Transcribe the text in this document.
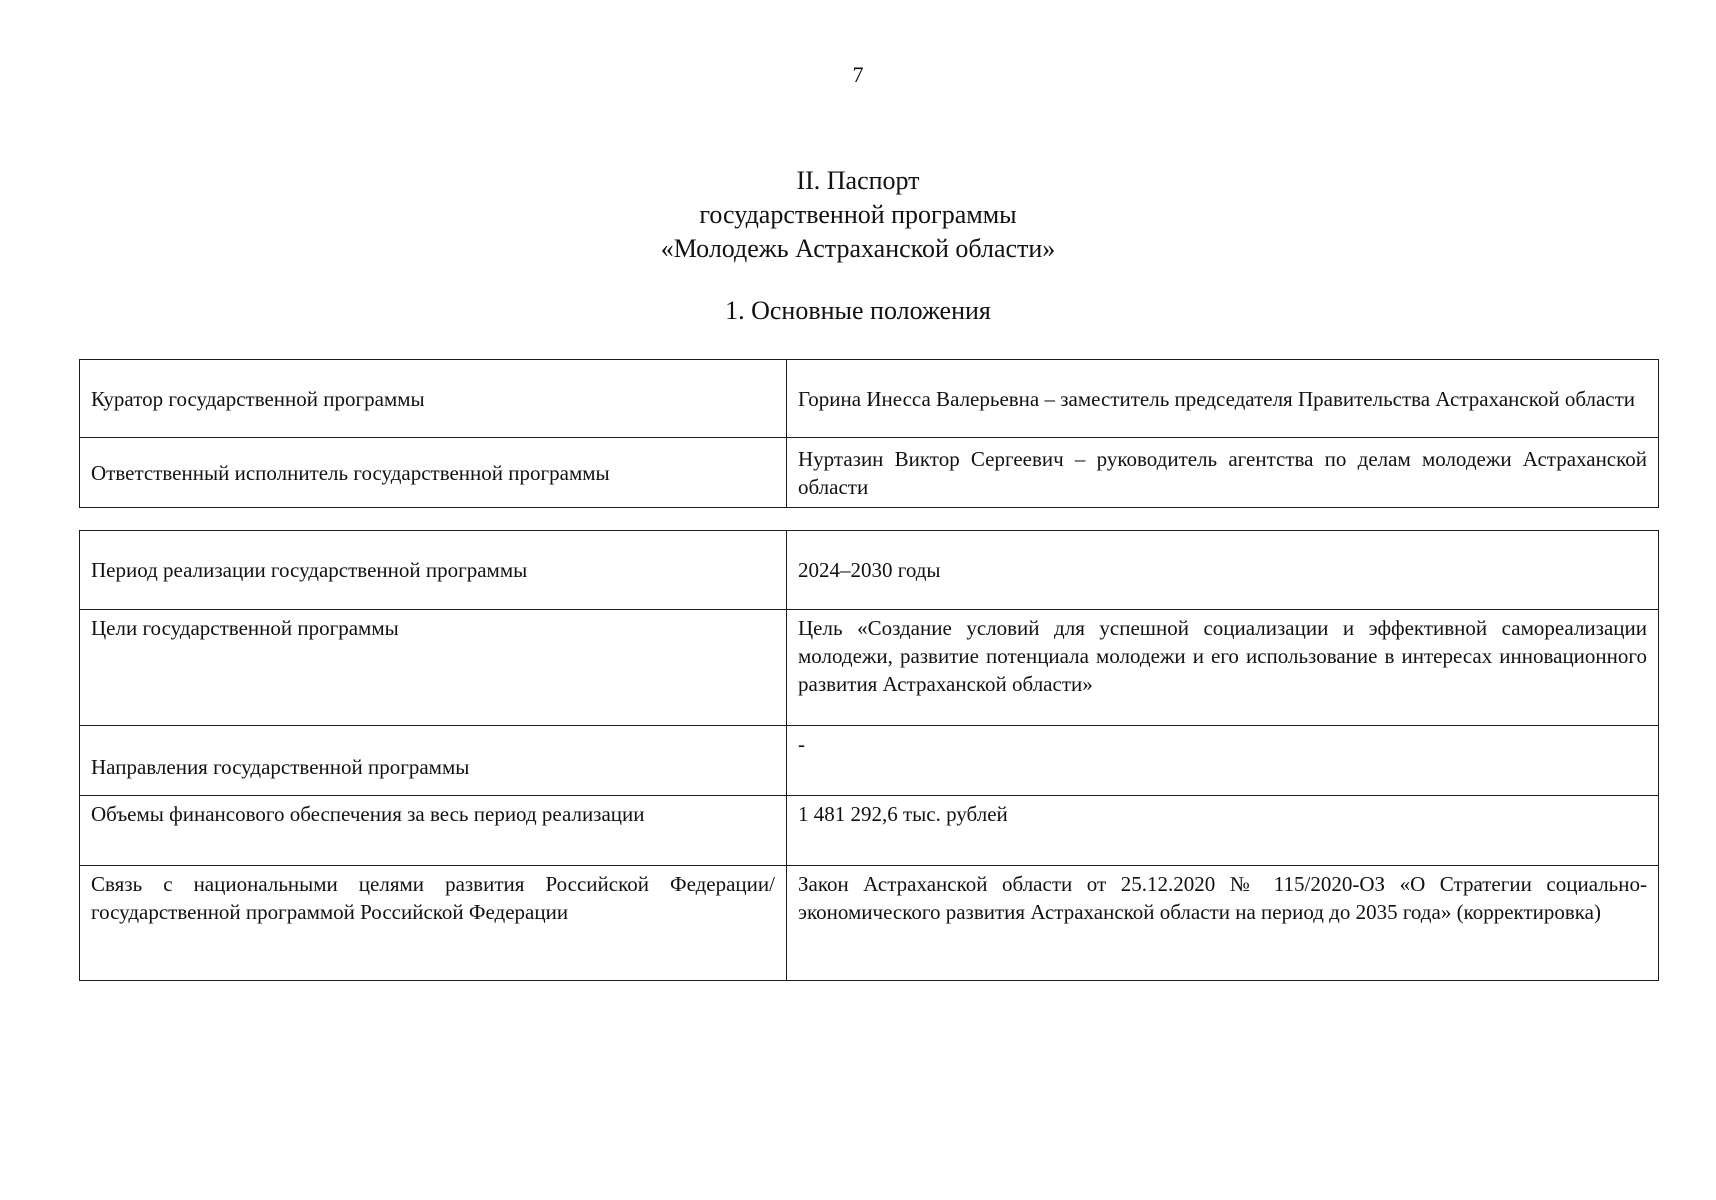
7
II. Паспорт
государственной программы
«Молодежь Астраханской области»
1. Основные положения
Куратор государственной программы	Горина Инесса Валерьевна – заместитель председателя Правительства Астраханской области
Ответственный исполнитель государственной программы	Нуртазин Виктор Сергеевич – руководитель агентства по делам молодежи Астраханской области
Период реализации государственной программы	2024–2030 годы
Цели государственной программы	Цель «Создание условий для успешной социализации и эффективной самореализации молодежи, развитие потенциала молодежи и его использование в интересах инновационного развития Астраханской области»
Направления государственной программы	-
Объемы финансового обеспечения за весь период реализации	1 481 292,6 тыс. рублей
Связь с национальными целями развития Российской Федерации/ государственной программой Российской Федерации	Закон Астраханской области от 25.12.2020 № 115/2020-ОЗ «О Стратегии социально-экономического развития Астраханской области на период до 2035 года» (корректировка)
